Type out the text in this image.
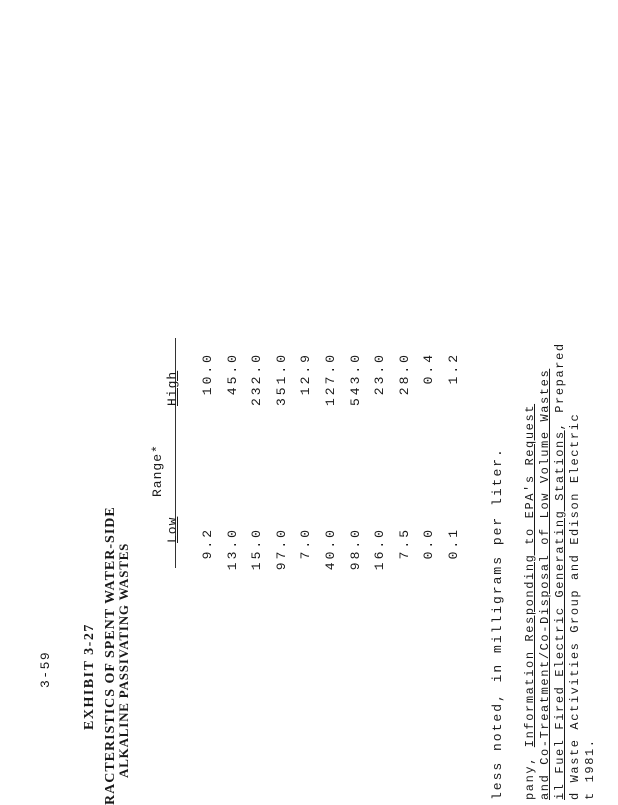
3-59 EXHIBIT 3-27 RACTERISTICS OF SPENT WATER-SIDE
ALKALINE PASSIVATING WASTES
Range*
Low
High
9.2
10.0
13.0
45.0
15.0
232.0
97.0
351.0
7.0
12.9
40.0
127.0
98.0
543.0
16.0
23.0
7.5
28.0
0.0
0.4
0.1
1.2
less noted, in milligrams per liter. pany, Information Responding to EPA's Request and Co-Treatment/Co-Disposal of Low Volume Wastes il Fuel Fired Electric Generating Stations, Prepared
d Waste Activities Group and Edison Electric t 1981.
